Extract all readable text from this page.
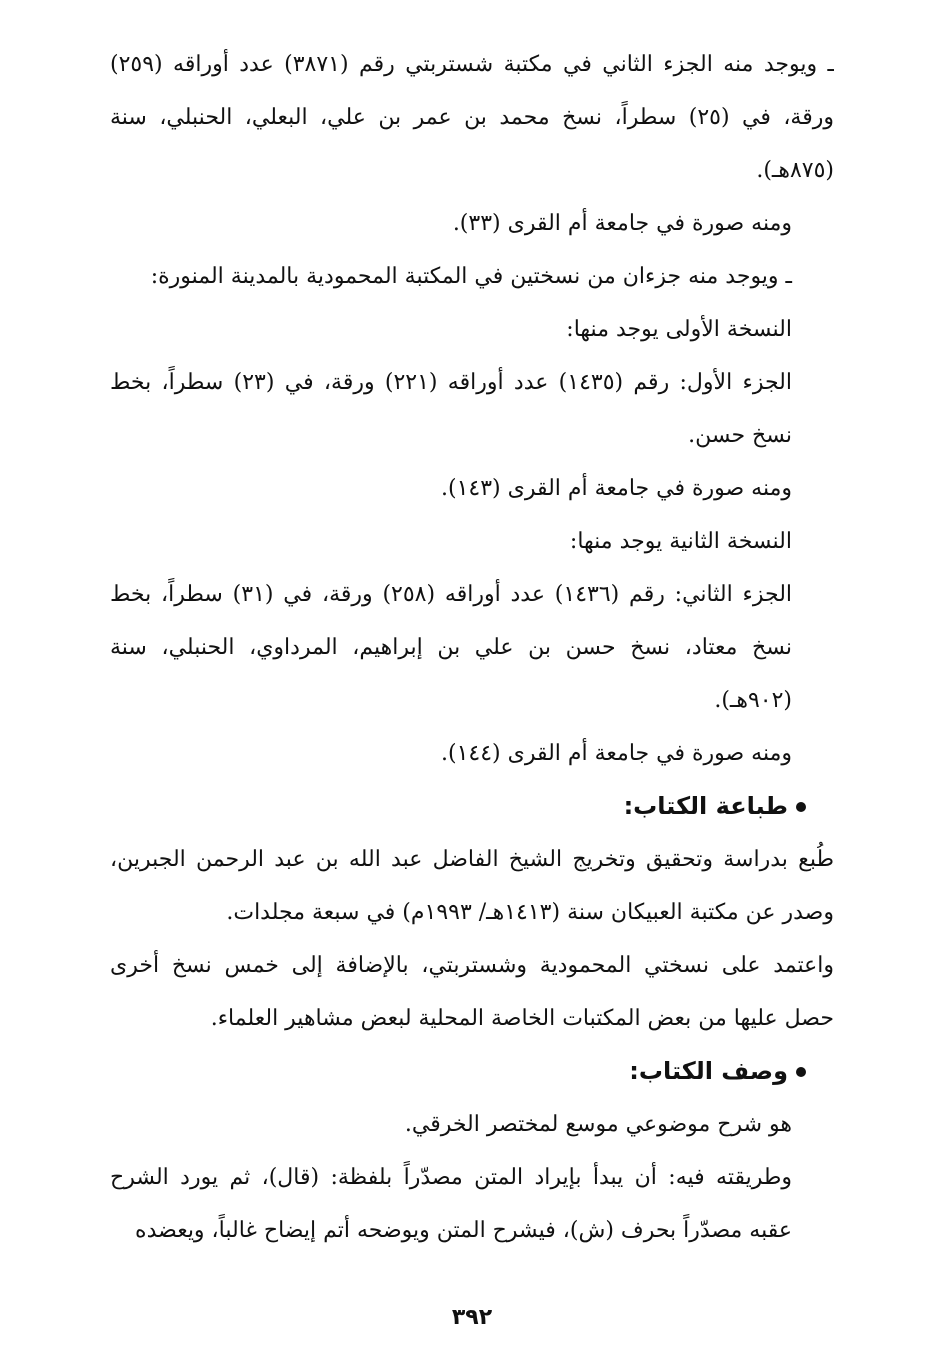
ـ ويوجد منه الجزء الثاني في مكتبة شستربتي رقم (٣٨٧١) عدد أوراقه (٢٥٩) ورقة، في (٢٥) سطراً، نسخ محمد بن عمر بن علي، البعلي، الحنبلي، سنة (٨٧٥هـ).

ومنه صورة في جامعة أم القرى (٣٣).

ـ ويوجد منه جزءان من نسختين في المكتبة المحمودية بالمدينة المنورة:

النسخة الأولى يوجد منها:

الجزء الأول: رقم (١٤٣٥) عدد أوراقه (٢٢١) ورقة، في (٢٣) سطراً، بخط نسخ حسن.

ومنه صورة في جامعة أم القرى (١٤٣).

النسخة الثانية يوجد منها:

الجزء الثاني: رقم (١٤٣٦) عدد أوراقه (٢٥٨) ورقة، في (٣١) سطراً، بخط نسخ معتاد، نسخ حسن بن علي بن إبراهيم، المرداوي، الحنبلي، سنة (٩٠٢هـ).

ومنه صورة في جامعة أم القرى (١٤٤).

طباعة الكتاب:

طُبع بدراسة وتحقيق وتخريج الشيخ الفاضل عبد الله بن عبد الرحمن الجبرين، وصدر عن مكتبة العبيكان سنة (١٤١٣هـ/ ١٩٩٣م) في سبعة مجلدات.

واعتمد على نسختي المحمودية وشستربتي، بالإضافة إلى خمس نسخ أخرى حصل عليها من بعض المكتبات الخاصة المحلية لبعض مشاهير العلماء.

وصف الكتاب:

هو شرح موضوعي موسع لمختصر الخرقي.

وطريقته فيه: أن يبدأ بإيراد المتن مصدّراً بلفظة: (قال)، ثم يورد الشرح عقبه مصدّراً بحرف (ش)، فيشرح المتن ويوضحه أتم إيضاح غالباً، ويعضده

٣٩٢
